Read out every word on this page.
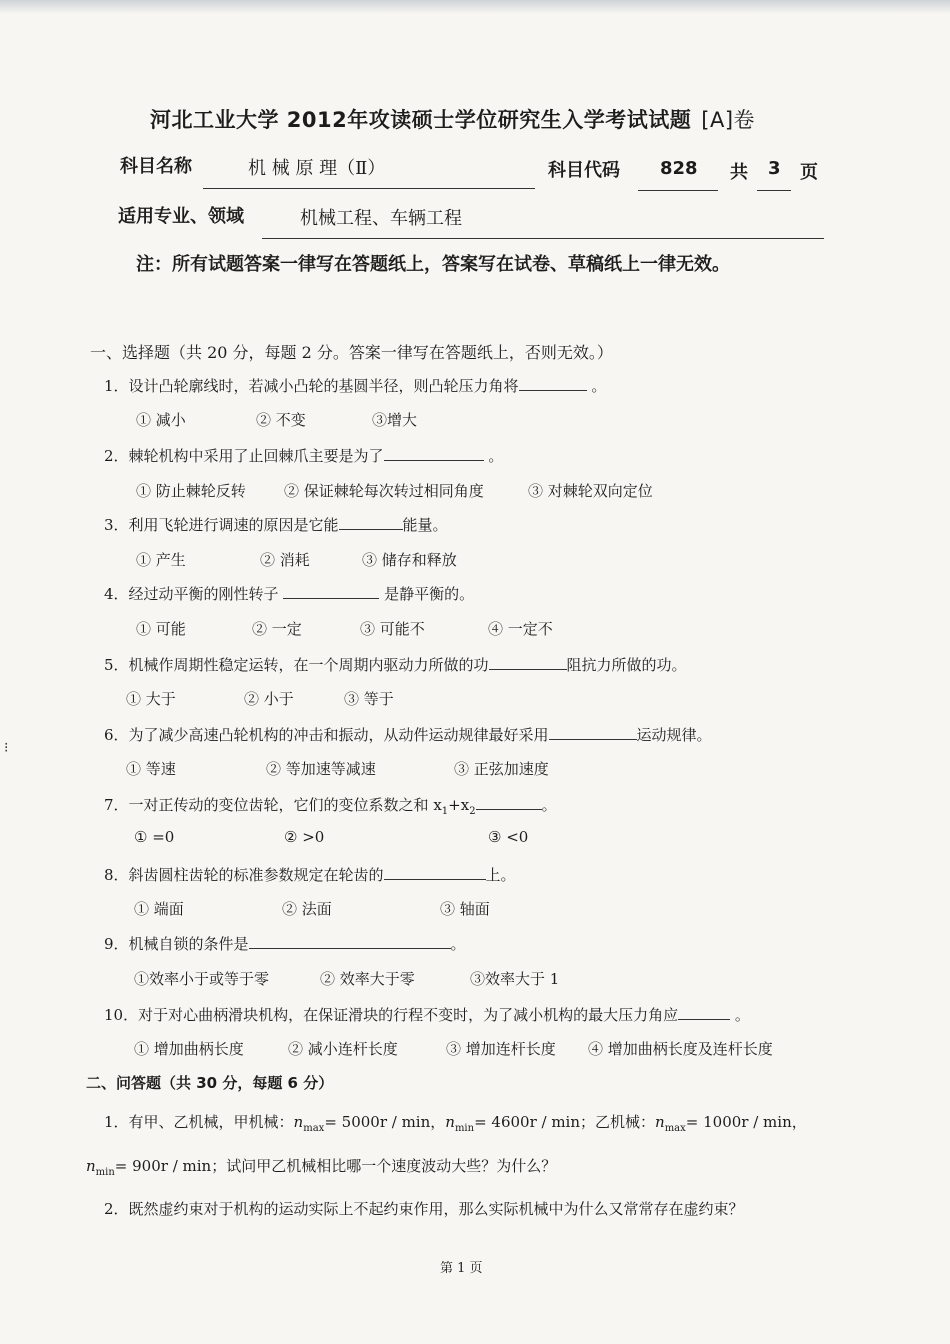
河北工业大学 2012年攻读硕士学位研究生入学考试试题 [A]卷
科目名称	机 械 原 理（Ⅱ）	科目代码 828 共 3 页
适用专业、领域	机械工程、车辆工程
注：所有试题答案一律写在答题纸上，答案写在试卷、草稿纸上一律无效。
一、选择题（共 20 分，每题 2 分。答案一律写在答题纸上，否则无效。）
1．设计凸轮廓线时，若减小凸轮的基圆半径，则凸轮压力角将	。
① 减小	② 不变	③增大
2．棘轮机构中采用了止回棘爪主要是为了	。
① 防止棘轮反转	② 保证棘轮每次转过相同角度	③ 对棘轮双向定位
3．利用飞轮进行调速的原因是它能	能量。
① 产生	② 消耗	③ 储存和释放
4．经过动平衡的刚性转子	是静平衡的。
① 可能	② 一定	③ 可能不	④ 一定不
5．机械作周期性稳定运转，在一个周期内驱动力所做的功	阻抗力所做的功。
① 大于	② 小于	③ 等于
6．为了减少高速凸轮机构的冲击和振动，从动件运动规律最好采用	运动规律。
① 等速	② 等加速等减速	③ 正弦加速度
7．一对正传动的变位齿轮，它们的变位系数之和 $x_1+x_2$	。
① =0	② >0	③ <0
8．斜齿圆柱齿轮的标准参数规定在轮齿的	上。
① 端面	② 法面	③ 轴面
9．机械自锁的条件是	。
①效率小于或等于零	② 效率大于零	③效率大于 1
10．对于对心曲柄滑块机构，在保证滑块的行程不变时，为了减小机构的最大压力角应	。
① 增加曲柄长度	② 减小连杆长度	③ 增加连杆长度 ④ 增加曲柄长度及连杆长度
二、问答题（共 30 分，每题 6 分）
1．有甲、乙机械，甲机械：$n_{max}= 5000r / \min$，$n_{min}= 4600r / \min$；乙机械：$n_{max}= 1000r / \min$，
$n_{min}= 900r / \min$；试问甲乙机械相比哪一个速度波动大些？为什么？
2．既然虚约束对于机构的运动实际上不起约束作用，那么实际机械中为什么又常常存在虚约束？
⁝
第 1 页
